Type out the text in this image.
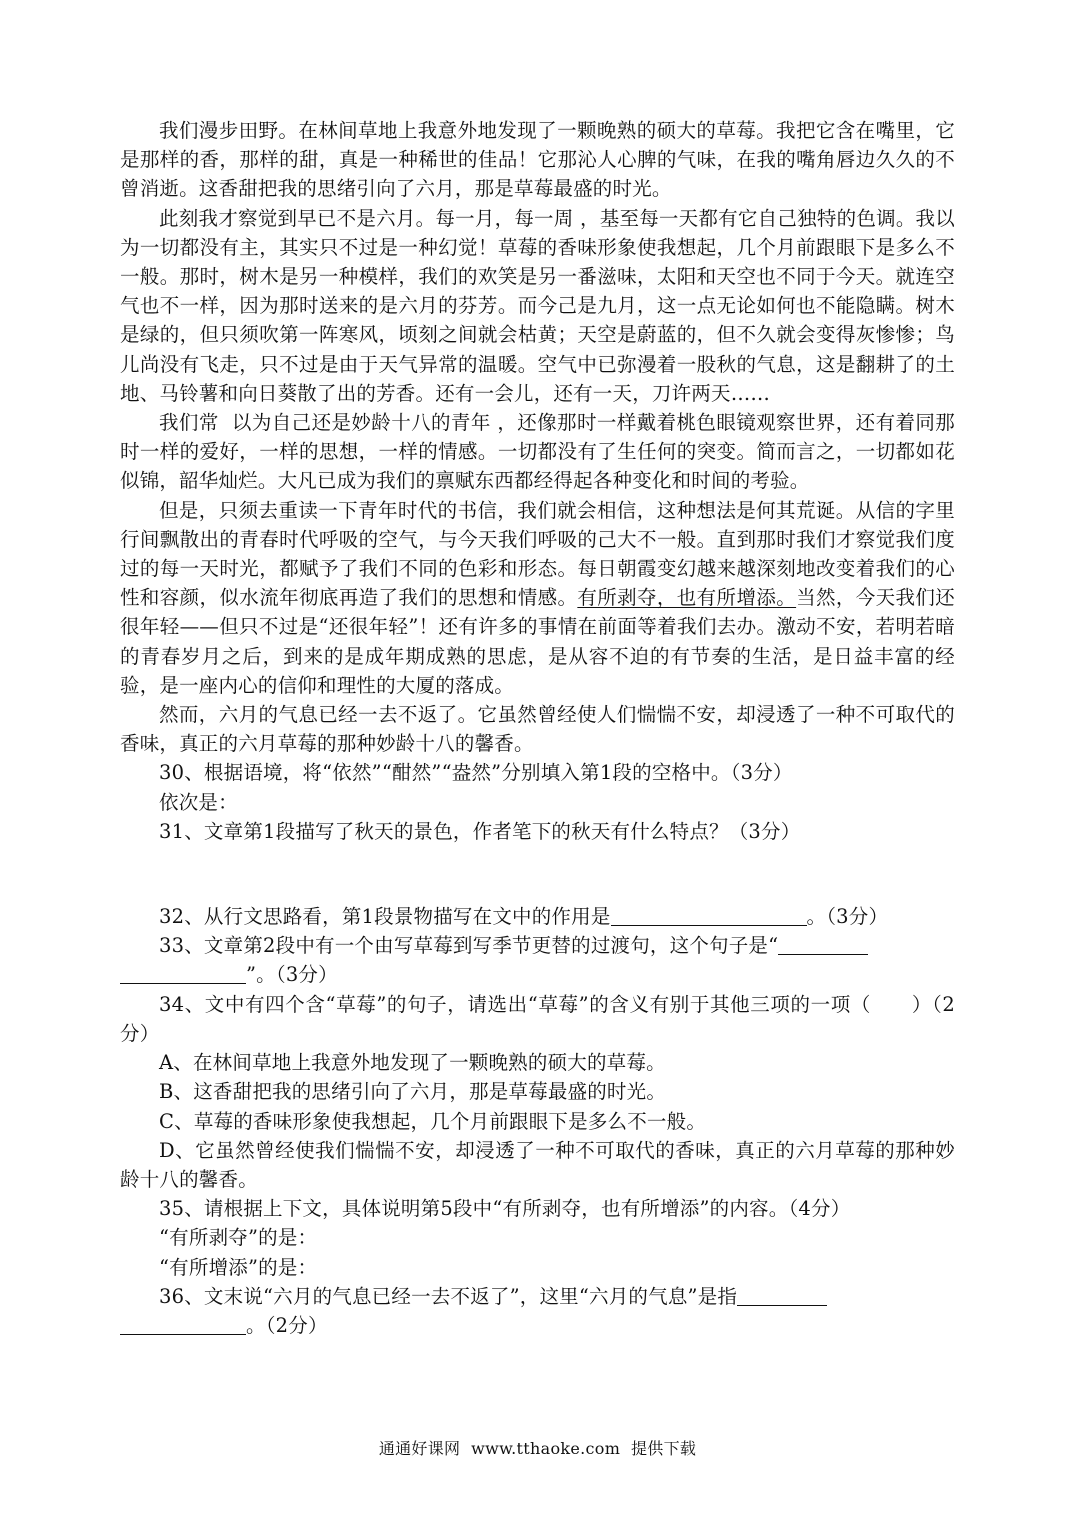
我们漫步田野。在林间草地上我意外地发现了一颗晚熟的硕大的草莓。我把它含在嘴里，它是那样的香，那样的甜，真是一种稀世的佳品！它那沁人心脾的气味，在我的嘴角唇边久久的不曾消逝。这香甜把我的思绪引向了六月，那是草莓最盛的时光。

此刻我才察觉到早已不是六月。每一月，每一周 ，基至每一天都有它自己独特的色调。我以为一切都没有主，其实只不过是一种幻觉！草莓的香味形象使我想起，几个月前跟眼下是多么不一般。那时，树木是另一种模样，我们的欢笑是另一番滋味，太阳和天空也不同于今天。就连空气也不一样，因为那时送来的是六月的芬芳。而今己是九月，这一点无论如何也不能隐瞒。树木是绿的，但只须吹第一阵寒风，顷刻之间就会枯黄；天空是蔚蓝的，但不久就会变得灰惨惨；鸟儿尚没有飞走，只不过是由于天气异常的温暖。空气中已弥漫着一股秋的气息，这是翻耕了的土地、马铃薯和向日葵散了出的芳香。还有一会儿，还有一天，刀许两天……

我们常  以为自己还是妙龄十八的青年 ，还像那时一样戴着桃色眼镜观察世界，还有着同那时一样的爱好，一样的思想，一样的情感。一切都没有了生任何的突变。简而言之，一切都如花似锦，韶华灿烂。大凡已成为我们的禀赋东西都经得起各种变化和时间的考验。

但是，只须去重读一下青年时代的书信，我们就会相信，这种想法是何其荒诞。从信的字里行间飘散出的青春时代呼吸的空气，与今天我们呼吸的己大不一般。直到那时我们才察觉我们度过的每一天时光，都赋予了我们不同的色彩和形态。每日朝霞变幻越来越深刻地改变着我们的心性和容颜，似水流年彻底再造了我们的思想和情感。有所剥夺，也有所增添。当然，今天我们还很年轻——但只不过是“还很年轻”！还有许多的事情在前面等着我们去办。激动不安，若明若暗的青春岁月之后，到来的是成年期成熟的思虑，是从容不迫的有节奏的生活，是日益丰富的经验，是一座内心的信仰和理性的大厦的落成。

然而，六月的气息已经一去不返了。它虽然曾经使人们惴惴不安，却浸透了一种不可取代的香味，真正的六月草莓的那种妙龄十八的馨香。

30、根据语境，将“依然”“酣然”“盎然”分别填入第1段的空格中。（3分）
依次是：
31、文章第1段描写了秋天的景色，作者笔下的秋天有什么特点？（3分）
32、从行文思路看，第1段景物描写在文中的作用是	。（3分）
33、文章第2段中有一个由写草莓到写季节更替的过渡句，这个句子是“
”。（3分）

34、文中有四个含“草莓”的句子，请选出“草莓”的含义有别于其他三项的一项（      ）（2分）

A、在林间草地上我意外地发现了一颗晚熟的硕大的草莓。

B、这香甜把我的思绪引向了六月，那是草莓最盛的时光。

C、草莓的香味形象使我想起，几个月前跟眼下是多么不一般。

D、它虽然曾经使我们惴惴不安，却浸透了一种不可取代的香味，真正的六月草莓的那种妙龄十八的馨香。

35、请根据上下文，具体说明第5段中“有所剥夺，也有所增添”的内容。（4分）
“有所剥夺”的是：
“有所增添”的是：
36、文末说“六月的气息已经一去不返了”，这里“六月的气息”是指
。（2分）
通通好课网  www.tthaoke.com  提供下载
